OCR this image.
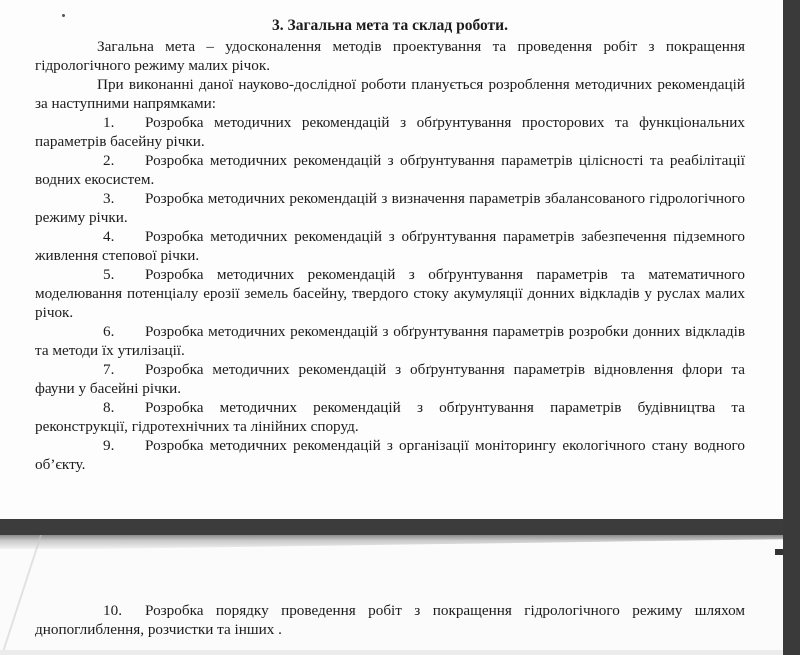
3. Загальна мета та склад роботи.

Загальна мета – удосконалення методів проектування та проведення робіт з покращення гідрологічного режиму малих річок.

При виконанні даної науково-дослідної роботи планується розроблення методичних рекомендацій за наступними напрямками:

1. Розробка методичних рекомендацій з обґрунтування просторових та функціональних параметрів басейну річки.

2. Розробка методичних рекомендацій з обґрунтування параметрів цілісності та реабілітації водних екосистем.

3. Розробка методичних рекомендацій з визначення параметрів збалансованого гідрологічного режиму річки.

4. Розробка методичних рекомендацій з обґрунтування параметрів забезпечення підземного живлення степової річки.

5. Розробка методичних рекомендацій з обґрунтування параметрів та математичного моделювання потенціалу ерозії земель басейну, твердого стоку акумуляції донних відкладів у руслах малих річок.

6. Розробка методичних рекомендацій з обґрунтування параметрів розробки донних відкладів та методи їх утилізації.

7. Розробка методичних рекомендацій з обґрунтування параметрів відновлення флори та фауни у басейні річки.

8. Розробка методичних рекомендацій з обґрунтування параметрів будівництва та реконструкції, гідротехнічних та лінійних споруд.

9. Розробка методичних рекомендацій з організації моніторингу екологічного стану водного об’єкту.

10. Розробка порядку проведення робіт з покращення гідрологічного режиму шляхом днопоглиблення, розчистки та інших .
